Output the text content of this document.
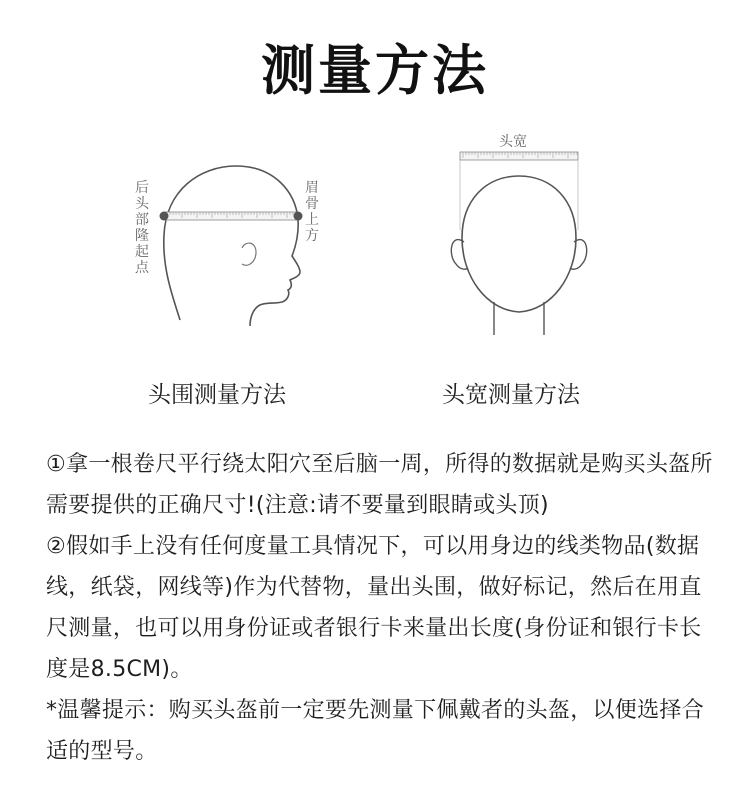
测量方法
后头部隆起点
眉骨上方
头围测量方法
头宽
头宽测量方法

①拿一根卷尺平行绕太阳穴至后脑一周，所得的数据就是购买头盔所需要提供的正确尺寸!(注意:请不要量到眼睛或头顶)

②假如手上没有任何度量工具情况下，可以用身边的线类物品(数据线，纸袋，网线等)作为代替物，量出头围，做好标记，然后在用直尺测量，也可以用身份证或者银行卡来量出长度(身份证和银行卡长度是8.5CM)。

*温馨提示：购买头盔前一定要先测量下佩戴者的头盔，以便选择合适的型号。
